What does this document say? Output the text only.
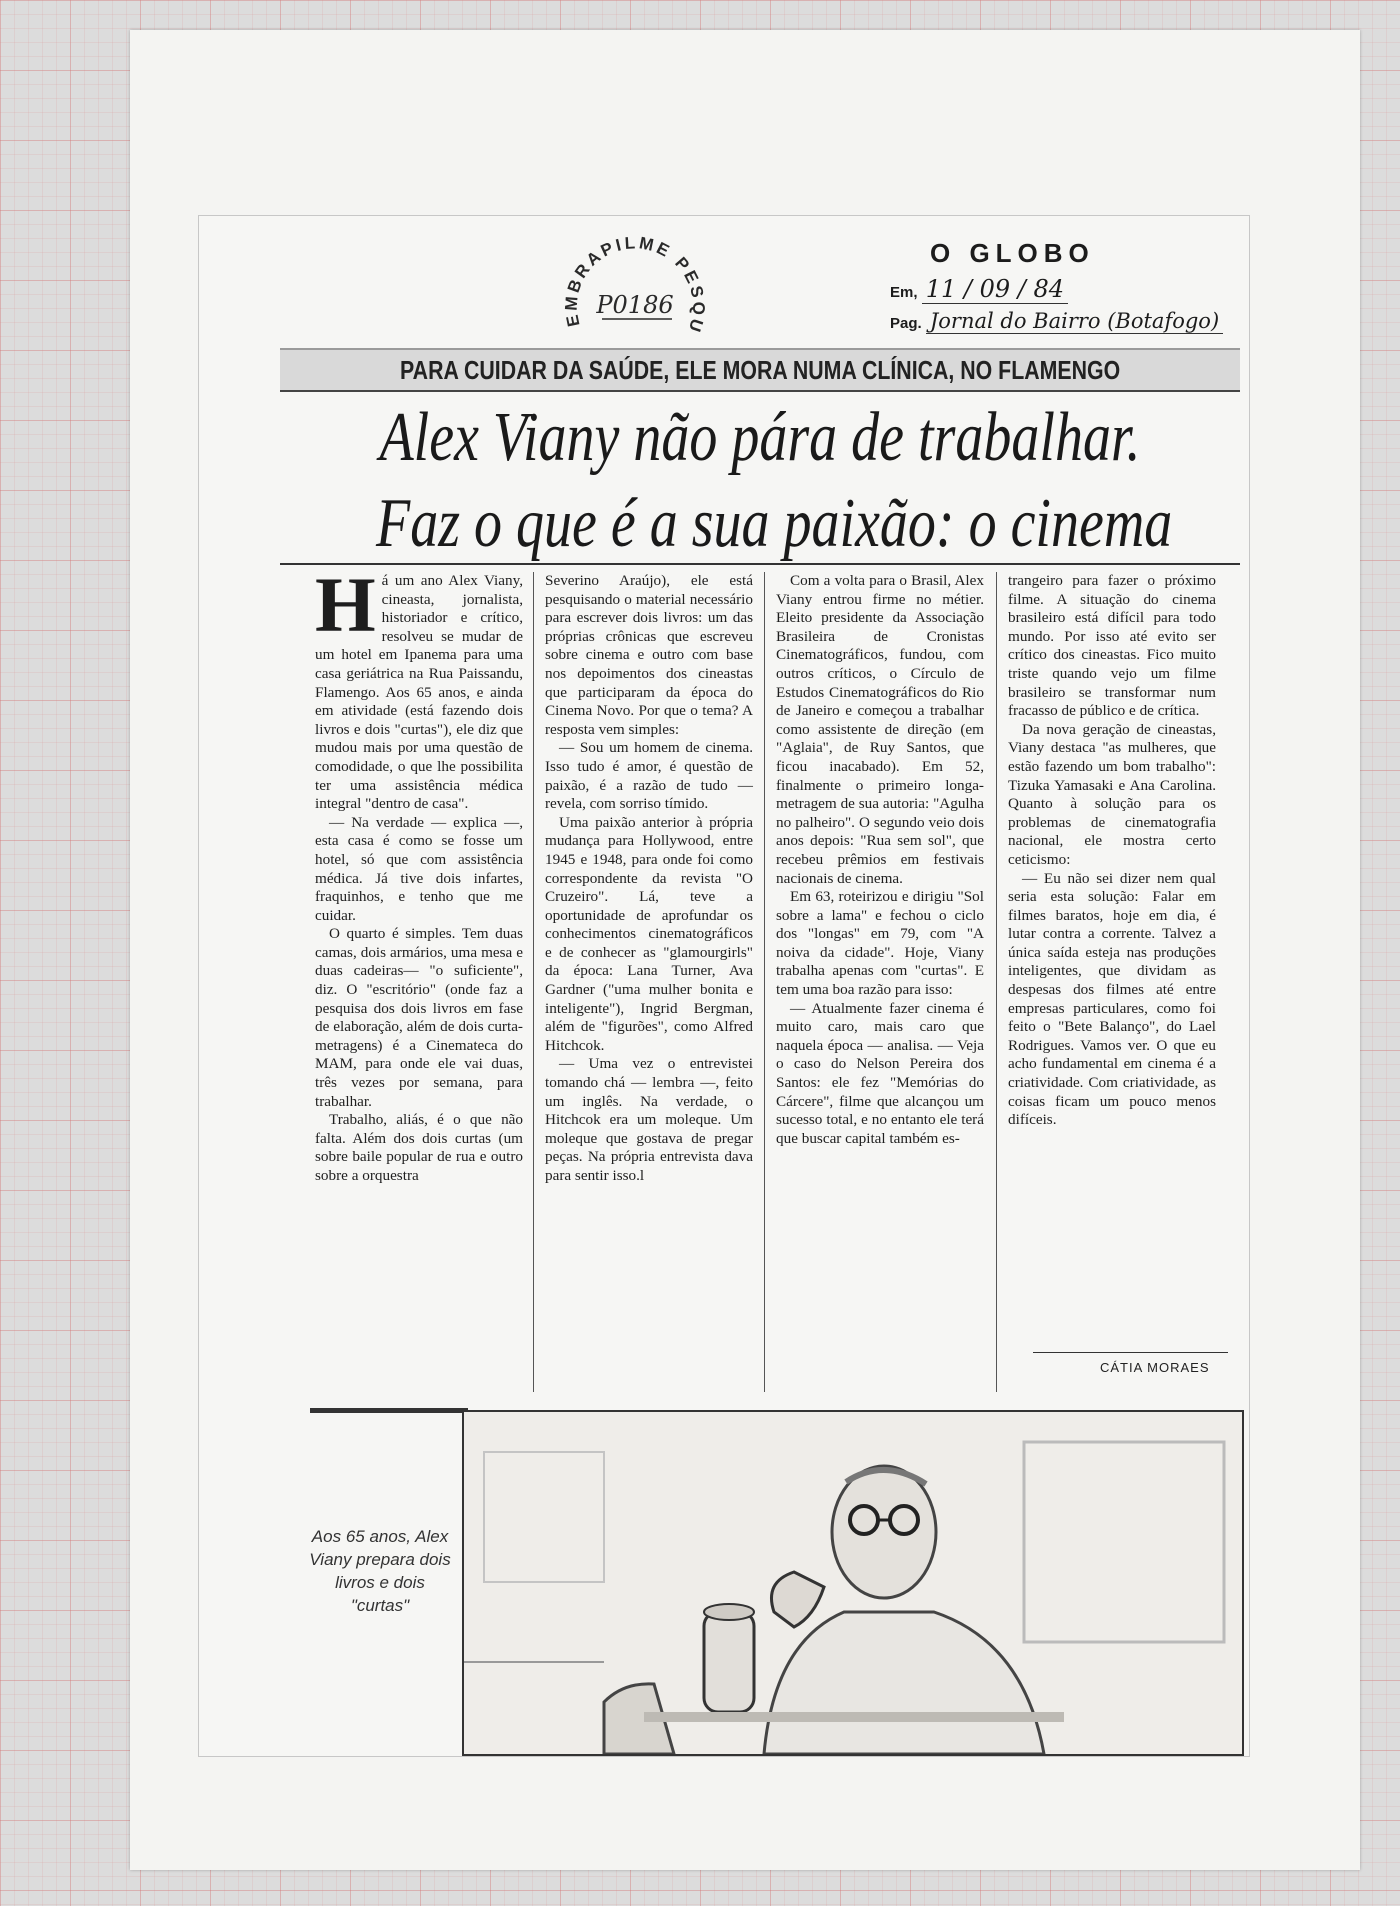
EMBRAPILME PESQU
P0186
O GLOBO
Em, 11 / 09 / 84
Pag. Jornal do Bairro (Botafogo)
PARA CUIDAR DA SAÚDE, ELE MORA NUMA CLÍNICA, NO FLAMENGO
Alex Viany não pára de trabalhar.
Faz o que é a sua paixão: o cinema

Há um ano Alex Viany, cineasta, jornalista, historiador e crítico, resolveu se mudar de um hotel em Ipanema para uma casa geriátrica na Rua Paissandu, Flamengo. Aos 65 anos, e ainda em atividade (está fazendo dois livros e dois "curtas"), ele diz que mudou mais por uma questão de comodidade, o que lhe possibilita ter uma assistência médica integral "dentro de casa".

— Na verdade — explica —, esta casa é como se fosse um hotel, só que com assistência médica. Já tive dois infartes, fraquinhos, e tenho que me cuidar.

O quarto é simples. Tem duas camas, dois armários, uma mesa e duas cadeiras— "o suficiente", diz. O "escritório" (onde faz a pesquisa dos dois livros em fase de elaboração, além de dois curta-metragens) é a Cinemateca do MAM, para onde ele vai duas, três vezes por semana, para trabalhar.

Trabalho, aliás, é o que não falta. Além dos dois curtas (um sobre baile popular de rua e outro sobre a orquestra

Severino Araújo), ele está pesquisando o material necessário para escrever dois livros: um das próprias crônicas que escreveu sobre cinema e outro com base nos depoimentos dos cineastas que participaram da época do Cinema Novo. Por que o tema? A resposta vem simples:

— Sou um homem de cinema. Isso tudo é amor, é questão de paixão, é a razão de tudo — revela, com sorriso tímido.

Uma paixão anterior à própria mudança para Hollywood, entre 1945 e 1948, para onde foi como correspondente da revista "O Cruzeiro". Lá, teve a oportunidade de aprofundar os conhecimentos cinematográficos e de conhecer as "glamourgirls" da época: Lana Turner, Ava Gardner ("uma mulher bonita e inteligente"), Ingrid Bergman, além de "figurões", como Alfred Hitchcok.

— Uma vez o entrevistei tomando chá — lembra —, feito um inglês. Na verdade, o Hitchcok era um moleque. Um moleque que gostava de pregar peças. Na própria entrevista dava para sentir isso.l

Com a volta para o Brasil, Alex Viany entrou firme no métier. Eleito presidente da Associação Brasileira de Cronistas Cinematográficos, fundou, com outros críticos, o Círculo de Estudos Cinematográficos do Rio de Janeiro e começou a trabalhar como assistente de direção (em "Aglaia", de Ruy Santos, que ficou inacabado). Em 52, finalmente o primeiro longa-metragem de sua autoria: "Agulha no palheiro". O segundo veio dois anos depois: "Rua sem sol", que recebeu prêmios em festivais nacionais de cinema.

Em 63, roteirizou e dirigiu "Sol sobre a lama" e fechou o ciclo dos "longas" em 79, com "A noiva da cidade". Hoje, Viany trabalha apenas com "curtas". E tem uma boa razão para isso:

— Atualmente fazer cinema é muito caro, mais caro que naquela época — analisa. — Veja o caso do Nelson Pereira dos Santos: ele fez "Memórias do Cárcere", filme que alcançou um sucesso total, e no entanto ele terá que buscar capital também es-

trangeiro para fazer o próximo filme. A situação do cinema brasileiro está difícil para todo mundo. Por isso até evito ser crítico dos cineastas. Fico muito triste quando vejo um filme brasileiro se transformar num fracasso de público e de crítica.

Da nova geração de cineastas, Viany destaca "as mulheres, que estão fazendo um bom trabalho": Tizuka Yamasaki e Ana Carolina. Quanto à solução para os problemas de cinematografia nacional, ele mostra certo ceticismo:

— Eu não sei dizer nem qual seria esta solução: Falar em filmes baratos, hoje em dia, é lutar contra a corrente. Talvez a única saída esteja nas produções inteligentes, que dividam as despesas dos filmes até entre empresas particulares, como foi feito o "Bete Balanço", do Lael Rodrigues. Vamos ver. O que eu acho fundamental em cinema é a criatividade. Com criatividade, as coisas ficam um pouco menos difíceis.

CÁTIA MORAES
Aos 65 anos, Alex Viany prepara dois livros e dois "curtas"
